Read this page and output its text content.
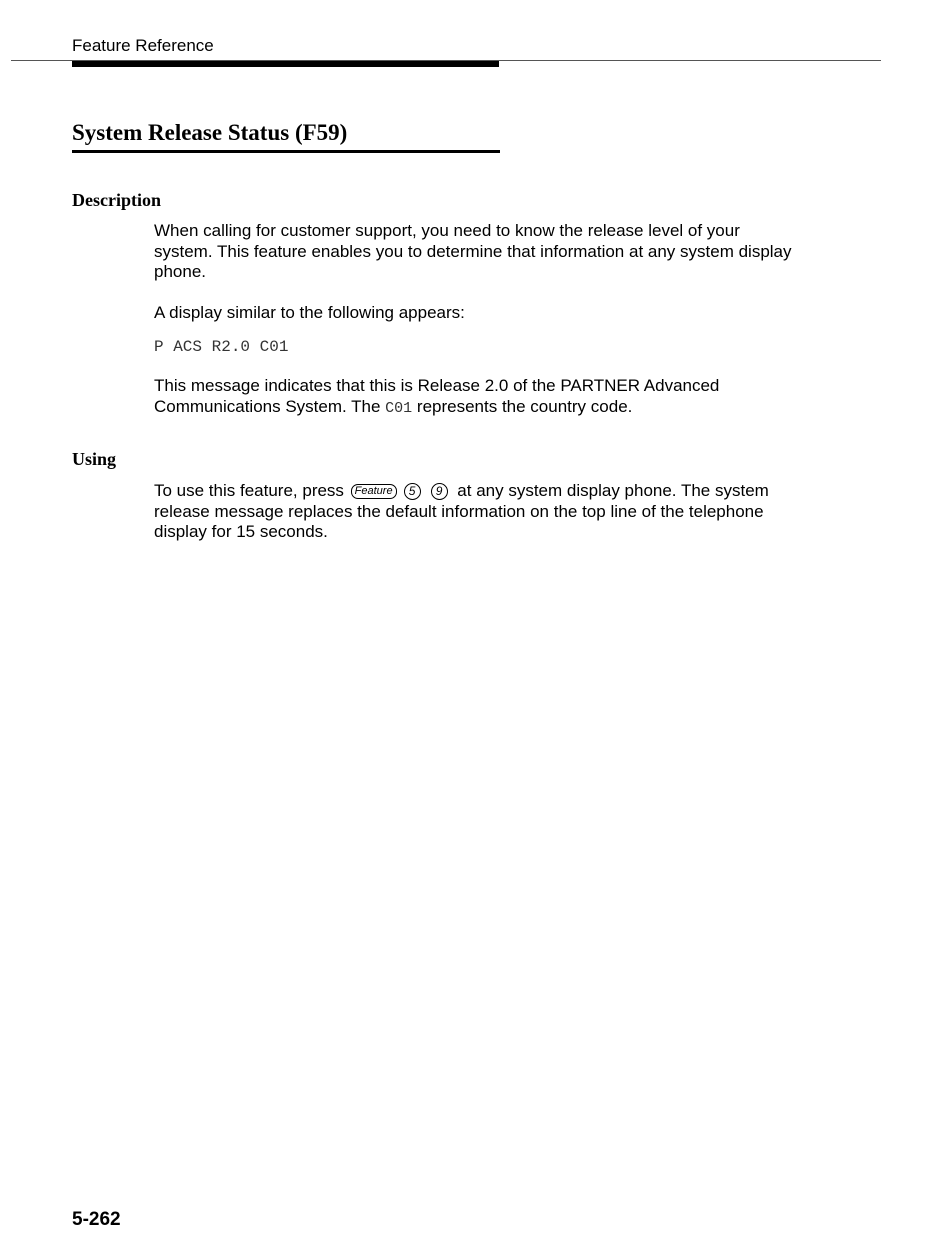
Feature Reference
System Release Status (F59)
Description
When calling for customer support, you need to know the release level of your system. This feature enables you to determine that information at any system display phone.
A display similar to the following appears:
P ACS R2.0 C01
This message indicates that this is Release 2.0 of the PARTNER Advanced Communications System. The C01 represents the country code.
Using
To use this feature, press Feature 5 9 at any system display phone. The system release message replaces the default information on the top line of the telephone display for 15 seconds.
5-262
